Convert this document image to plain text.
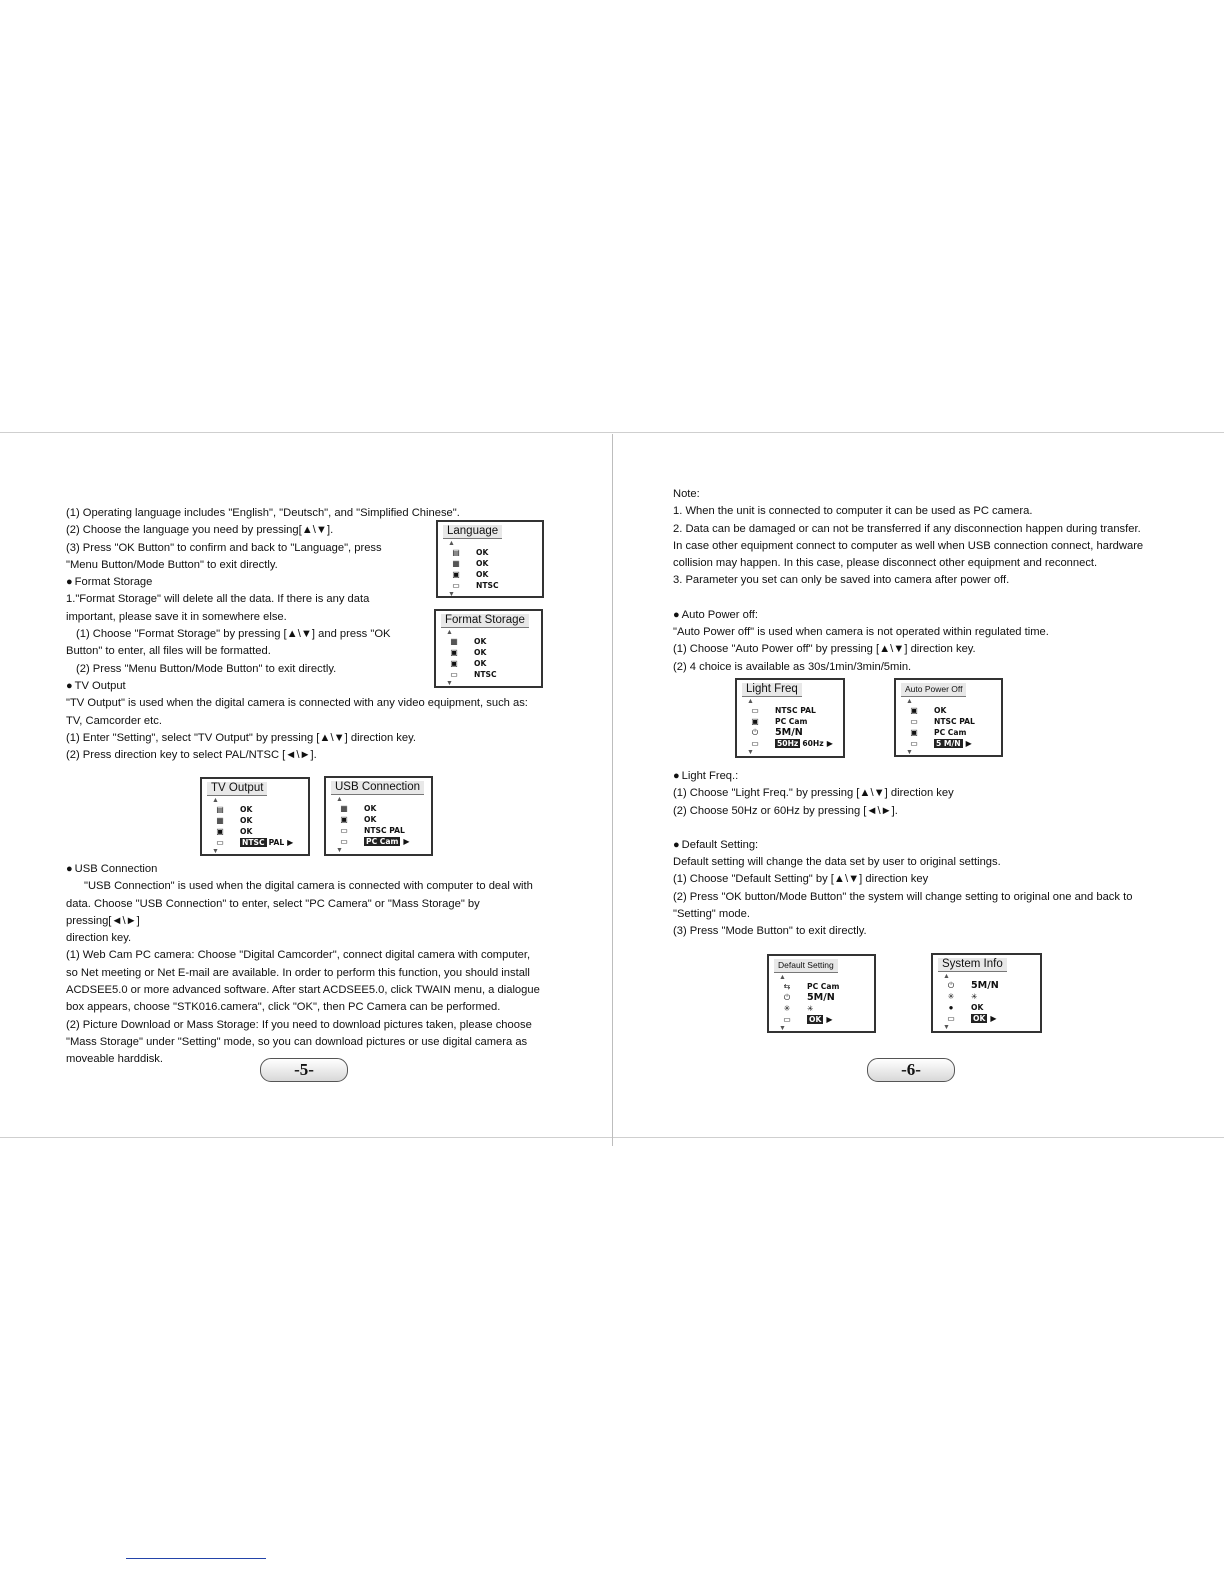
(1) Operating language includes "English", "Deutsch", and "Simplified Chinese".

(2) Choose the language you need by pressing[▲\▼].

(3) Press "OK Button" to confirm and back to "Language", press

"Menu Button/Mode Button" to exit directly.

● Format Storage

1."Format Storage" will delete all the data. If there is any data

important, please save it in somewhere else.

(1) Choose "Format Storage" by pressing [▲\▼] and press "OK

Button" to enter, all files will be formatted.

(2) Press "Menu Button/Mode Button" to exit directly.

● TV Output

"TV Output" is used when the digital camera is connected with any video equipment, such as:

TV, Camcorder etc.

(1) Enter "Setting", select "TV Output" by pressing [▲\▼] direction key.

(2) Press direction key to select PAL/NTSC [◄\►].

● USB Connection

"USB Connection" is used when the digital camera is connected with computer to deal with

data. Choose "USB Connection" to enter, select "PC Camera" or "Mass Storage" by pressing[◄\►]

direction key.

(1) Web Cam PC camera: Choose "Digital Camcorder", connect digital camera with computer,

so Net meeting or Net E-mail are available. In order to perform this function, you should install

ACDSEE5.0 or more advanced software. After start ACDSEE5.0, click TWAIN menu, a dialogue

box appears, choose "STK016.camera", click "OK", then PC Camera can be performed.

(2) Picture Download or Mass Storage: If you need to download pictures taken, please choose

"Mass Storage" under "Setting" mode, so you can download pictures or use digital camera as

moveable harddisk.

Note:

1. When the unit is connected to computer it can be used as PC camera.

2. Data can be damaged or can not be transferred if any disconnection happen during transfer.

In case other equipment connect to computer as well when USB connection connect, hardware

collision may happen. In this case, please disconnect other equipment and reconnect.

3. Parameter you set can only be saved into camera after power off.

● Auto Power off:

"Auto Power off" is used when camera is not operated within regulated time.

(1) Choose "Auto Power off" by pressing [▲\▼] direction key.

(2) 4 choice is available as 30s/1min/3min/5min.

● Light Freq.:

(1) Choose "Light Freq." by pressing [▲\▼] direction key

(2) Choose 50Hz or 60Hz by pressing [◄\►].

● Default Setting:

Default setting will change the data set by user to original settings.

(1) Choose "Default Setting" by [▲\▼] direction key

(2) Press "OK button/Mode Button" the system will change setting to original one and back to

"Setting" mode.

(3) Press "Mode Button" to exit directly.

Language
▲
▤	OK
▦	OK
▣	OK
▭	NTSC
▼
Format Storage
▲
▦	OK
▣	OK
▣	OK
▭	NTSC
▼
TV Output
▲
▤	OK
▦	OK
▣	OK
▭	NTSC PAL ▶
▼
USB Connection
▲
▦	OK
▣	OK
▭	NTSC PAL
▭	PC Cam ▶
▼
Light Freq
▲
▭	NTSC PAL
▣	PC Cam
⏻	5M/N
▭	50Hz 60Hz ▶
▼
Auto Power Off
▲
▣	OK
▭	NTSC PAL
▣	PC Cam
▭	5 M/N ▶
▼
Default Setting
▲
⇆	PC Cam
⏻	5M/N
✳	✳
▭	OK ▶
▼
System Info
▲
⏻	5M/N
✳	✳
●	OK
▭	OK ▶
▼
-5-	-6-
